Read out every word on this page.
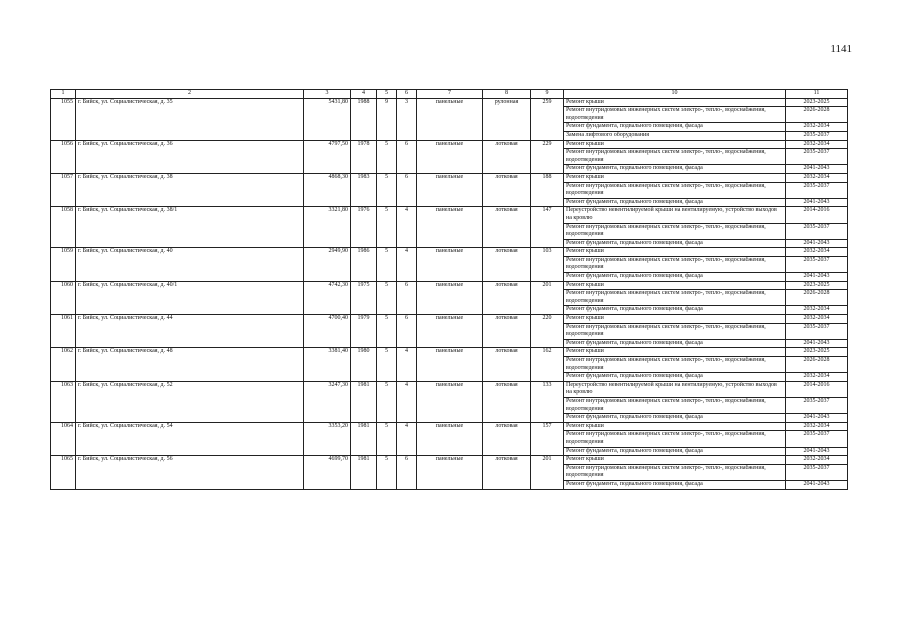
1141
1	2	3	4	5	6	7	8	9	10	11
1055	г. Бийск, ул. Социалистическая, д. 35	5431,80	1988	9	3	панельные	рулонная	259	Ремонт крыши	2023-2025
									Ремонт внутридомовых инженерных систем электро-, тепло-, водоснабжения, водоотведения	2026-2028
									Ремонт фундамента, подвального помещения, фасада	2032-2034
									Замена лифтового оборудования	2035-2037
1056	г. Бийск, ул. Социалистическая, д. 36	4797,50	1978	5	6	панельные	лотковая	229	Ремонт крыши	2032-2034
									Ремонт внутридомовых инженерных систем электро-, тепло-, водоснабжения, водоотведения	2035-2037
									Ремонт фундамента, подвального помещения, фасада	2041-2043
1057	г. Бийск, ул. Социалистическая, д. 38	4868,30	1983	5	6	панельные	лотковая	188	Ремонт крыши	2032-2034
									Ремонт внутридомовых инженерных систем электро-, тепло-, водоснабжения, водоотведения	2035-2037
									Ремонт фундамента, подвального помещения, фасада	2041-2043
1058	г. Бийск, ул. Социалистическая, д. 38/1	3321,80	1976	5	4	панельные	лотковая	147	Переустройство невентилируемой крыши на вентилируемую, устройство выходов на кровлю	2014-2016
									Ремонт внутридомовых инженерных систем электро-, тепло-, водоснабжения, водоотведения	2035-2037
									Ремонт фундамента, подвального помещения, фасада	2041-2043
1059	г. Бийск, ул. Социалистическая, д. 40	2949,90	1986	5	4	панельные	лотковая	103	Ремонт крыши	2032-2034
									Ремонт внутридомовых инженерных систем электро-, тепло-, водоснабжения, водоотведения	2035-2037
									Ремонт фундамента, подвального помещения, фасада	2041-2043
1060	г. Бийск, ул. Социалистическая, д. 40/1	4742,30	1975	5	6	панельные	лотковая	201	Ремонт крыши	2023-2025
									Ремонт внутридомовых инженерных систем электро-, тепло-, водоснабжения, водоотведения	2026-2028
									Ремонт фундамента, подвального помещения, фасада	2032-2034
1061	г. Бийск, ул. Социалистическая, д. 44	4700,40	1979	5	6	панельные	лотковая	220	Ремонт крыши	2032-2034
									Ремонт внутридомовых инженерных систем электро-, тепло-, водоснабжения, водоотведения	2035-2037
									Ремонт фундамента, подвального помещения, фасада	2041-2043
1062	г. Бийск, ул. Социалистическая, д. 48	3381,40	1980	5	4	панельные	лотковая	162	Ремонт крыши	2023-2025
									Ремонт внутридомовых инженерных систем электро-, тепло-, водоснабжения, водоотведения	2026-2028
									Ремонт фундамента, подвального помещения, фасада	2032-2034
1063	г. Бийск, ул. Социалистическая, д. 52	3247,30	1981	5	4	панельные	лотковая	133	Переустройство невентилируемой крыши на вентилируемую, устройство выходов на кровлю	2014-2016
									Ремонт внутридомовых инженерных систем электро-, тепло-, водоснабжения, водоотведения	2035-2037
									Ремонт фундамента, подвального помещения, фасада	2041-2043
1064	г. Бийск, ул. Социалистическая, д. 54	3353,20	1981	5	4	панельные	лотковая	157	Ремонт крыши	2032-2034
									Ремонт внутридомовых инженерных систем электро-, тепло-, водоснабжения, водоотведения	2035-2037
									Ремонт фундамента, подвального помещения, фасада	2041-2043
1065	г. Бийск, ул. Социалистическая, д. 56	4699,70	1981	5	6	панельные	лотковая	201	Ремонт крыши	2032-2034
									Ремонт внутридомовых инженерных систем электро-, тепло-, водоснабжения, водоотведения	2035-2037
									Ремонт фундамента, подвального помещения, фасада	2041-2043
